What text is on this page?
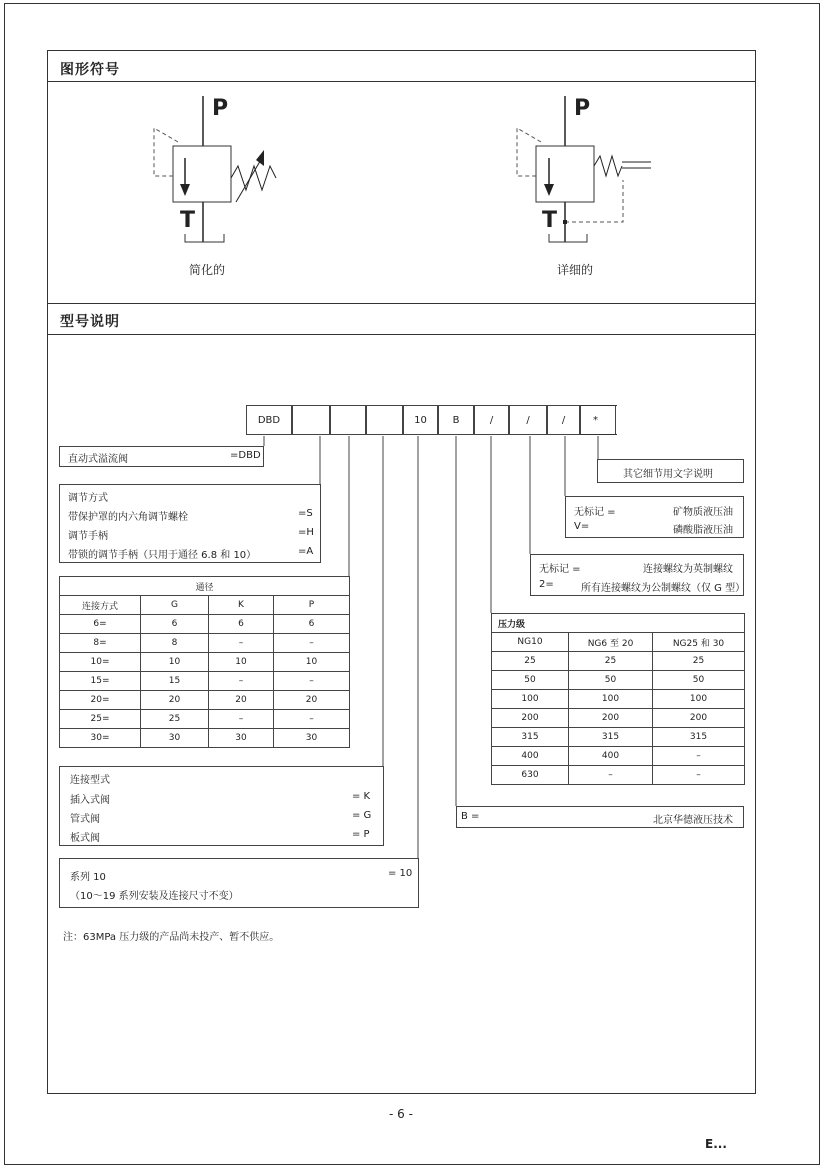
图形符号
型号说明
P
T
简化的
P
T
详细的
DBD	10	B	/	/	/	*
直动式溢流阀	=DBD
调节方式
带保护罩的内六角调节螺栓	=S
调节手柄	=H
带锁的调节手柄（只用于通径 6.8 和 10）	=A
通径			
连接方式	G	K	P
6=	6	6	6
8=	8	–	–
10=	10	10	10
15=	15	–	–
20=	20	20	20
25=	25	–	–
30=	30	30	30
连接型式
插入式阀	= K
管式阀	= G
板式阀	= P
系列 10	= 10
（10～19 系列安装及连接尺寸不变）
注：63MPa 压力级的产品尚未投产、暂不供应。
其它细节用文字说明
无标记 =	矿物质液压油
V=	磷酸脂液压油
无标记 =	连接螺纹为英制螺纹
2=	所有连接螺纹为公制螺纹（仅 G 型）
压力级		
NG10	NG6 至 20	NG25 和 30
25	25	25
50	50	50
100	100	100
200	200	200
315	315	315
400	400	–
630	–	–
B =	北京华德液压技术
- 6 -
E...
